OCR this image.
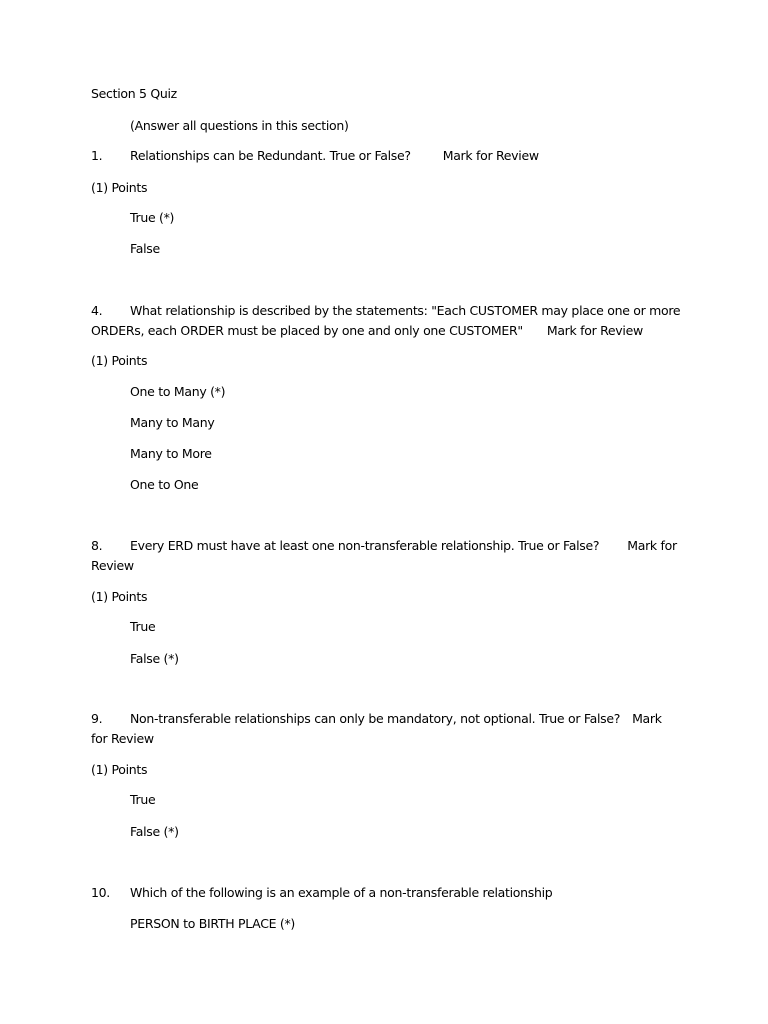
Section 5 Quiz
(Answer all questions in this section)
1. Relationships can be Redundant. True or False?	Mark for Review
(1) Points
True (*)
False
4. What relationship is described by the statements: "Each CUSTOMER may place one or more ORDERs, each ORDER must be placed by one and only one CUSTOMER" Mark for Review
(1) Points
One to Many (*)
Many to Many
Many to More
One to One
8. Every ERD must have at least one non-transferable relationship. True or False? Mark for Review
(1) Points
True
False (*)
9. Non-transferable relationships can only be mandatory, not optional. True or False? Mark for Review
(1) Points
True
False (*)
10. Which of the following is an example of a non-transferable relationship
PERSON to BIRTH PLACE (*)
